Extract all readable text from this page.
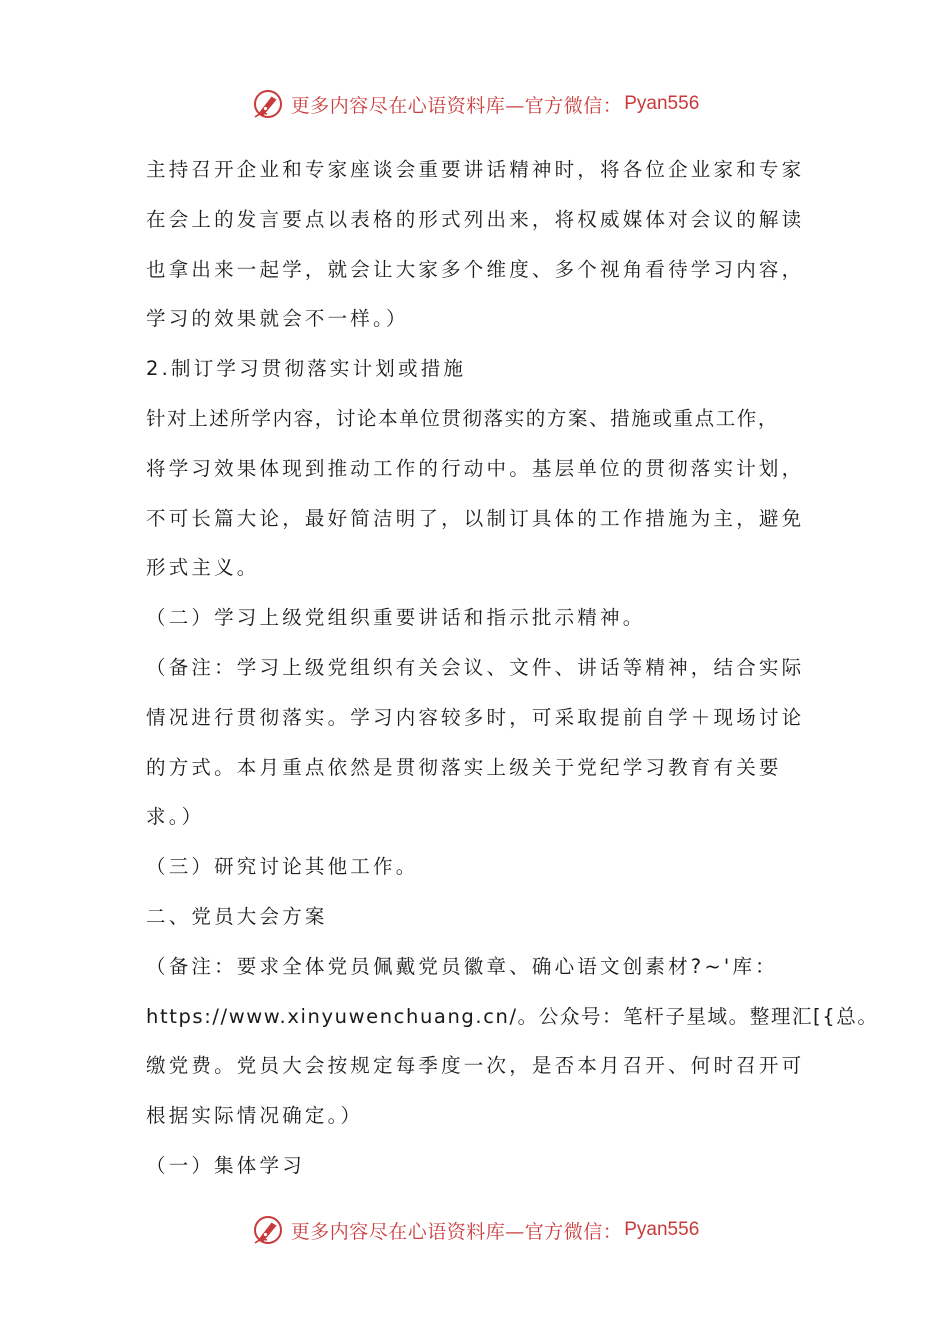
更多内容尽在心语资料库—官方微信： Pyan556
主持召开企业和专家座谈会重要讲话精神时，将各位企业家和专家
在会上的发言要点以表格的形式列出来，将权威媒体对会议的解读
也拿出来一起学，就会让大家多个维度、多个视角看待学习内容，
学习的效果就会不一样。）
2.制订学习贯彻落实计划或措施
针对上述所学内容，讨论本单位贯彻落实的方案、措施或重点工作，
将学习效果体现到推动工作的行动中。基层单位的贯彻落实计划，
不可长篇大论，最好简洁明了，以制订具体的工作措施为主，避免
形式主义。
（二）学习上级党组织重要讲话和指示批示精神。
（备注：学习上级党组织有关会议、文件、讲话等精神，结合实际
情况进行贯彻落实。学习内容较多时，可采取提前自学＋现场讨论
的方式。本月重点依然是贯彻落实上级关于党纪学习教育有关要
求。）
（三）研究讨论其他工作。
二、党员大会方案
（备注：要求全体党员佩戴党员徽章、确心语文创素材?~'库：
https://www.xinyuwenchuang.cn/。公众号：笔杆子星域。整理汇[{总。
缴党费。党员大会按规定每季度一次，是否本月召开、何时召开可
根据实际情况确定。）
（一）集体学习
更多内容尽在心语资料库—官方微信： Pyan556
